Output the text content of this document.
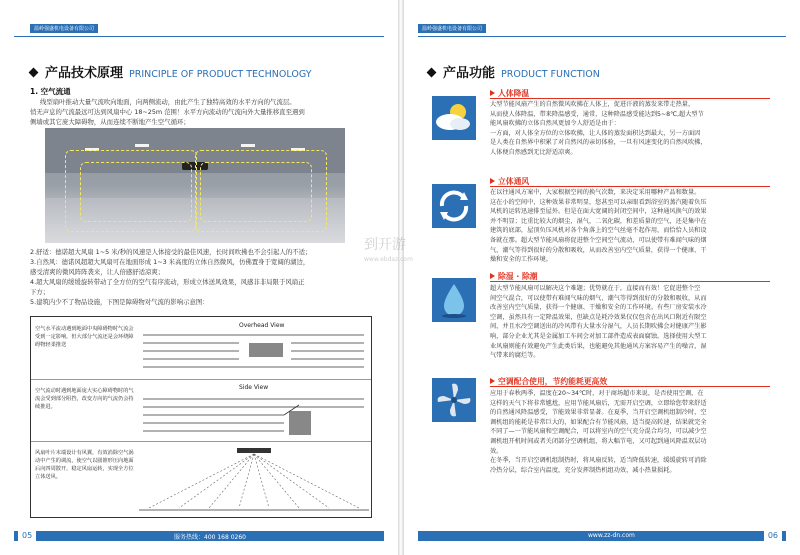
温岭强盛机电设备有限公司
产品技术原理 PRINCIPLE OF PRODUCT TECHNOLOGY
1. 空气流通

线型扇叶推动大量气流吹向地面，向两侧流动，由此产生了独特高效的水平方向的气流层。

悄无声息的气流最远可达到风扇中心 18~25m 范围！水平方向流动的气流向外大量推移直至遇到

侧墙或其它庞大障碍物，从而连续不断地产生空气循环；

2.舒适：德诺超大风扇 1~5 米/秒的风速是人体接受的最佳风速，长时间吹拂也不会引起人的不适；

3.自然风：德诺风超超大风扇可在地面形成 1~3 米高度的立体自然微风，仿佛置身于宽阔的湖边，

感受清爽的微风阵阵袭来，让人倍感舒适凉爽；

4.超大风扇的缓缓旋转带动了全方位的空气有序流动，形成立体送风效果，风感非非局限于风扇正

下方；

5.建筑内少不了物品设施，下图是障碍物对气流的影响示意图：

空气水平流动遇到地面中央障碍物时气流会受到一定影响，但大部分气流还是会环绕障碍物轻柔推送

Overhead View

空气流动时遇到地面庞大实心障碍物时的气流会受到部分阻挡，改变方向的气流仍会持续推进。

Side View

风扇叶片末端设计有风翼，有效消除空气涡动中产生的调流，使空气以圆锥形压向地面后向四周散开，稳定风扇运转，实现全方位立体送风。

服务热线：400 168 0260
05
温岭强盛机电设备有限公司
产品功能 PRODUCT FUNCTION
www.zz-dn.com	06
人体降温
大型节能风扇产生的自然微风吹拂在人体上，促进汗液的蒸发来带走热量，
从而使人体降温，带来降温感受，通常，这种降温感受能达到5~8℃,超大型节
能风扇吹拂的立体自然风更加令人舒适是由于：
一方面，对人体全方位的立体吹拂，让人体的蒸发面积达到最大，另一方面因
是人类在自然界中积累了对自然风的亲切体验，一旦有风速变化的自然风吹拂，
人体便自然感到无比舒适凉爽。
立体通风
在以往通风方案中，大家根据空间的换气次数，来决定采用哪种产品和数量。
这在小的空间中，这种效果非常明显，您甚至可以亲眼看到浴室的蒸汽随着负压
风机的运转迅速排至屋外。但是在面大宽阔的封闭空间中，这种通风换气的效果
并不明显；比重比较大的烟尘，湿气，二氧化碳，和差质量的空气，还是集中在
建筑的底部，屋顶负压风机对各个角落上的空气丝毫不起作用，而恰恰人员和设
备就在那。超大型节能风扇将促进整个空间空气流动，可以使带有难闻气味的烟
气，潮气等得到很好的分散和吸收，从而改善室内空气质量，获得一个健康、干
燥和安全的工作环境。
除湿 · 除潮
超大型节能风扇可以解决这个难题；优势就在于，直接而有效！它促进整个空
间空气混合，可以使带有难闻气味的烟气、潮气等得到很好的分散和吸收，从而
改善室内空气质量，获得一个健康、干燥和安全的工作环境。有些厂房安装水冷
空调，虽然具有一定降温效果，但缺点是耗冷效果仅仅包含在出风口附近有限空
间，并且水冷空调送出的冷风带有大量水分湿气，人员长期吹拂会对健康产生影
响，部分企业尤其是金属加工车间会对加工部件造成表面腐蚀。选择使用大型工
业风扇则能有效避免产生此类后果，也能避免其他通风方案容易产生的噪音，湿
气带来的腐烂等。
空调配合使用，节约能耗更高效
应用于春秋两季，温度在20~34℃时，对于商场超市来说，是否使用空调，在
这样的天气下将非常尴尬，应用节能风扇后，无需开启空调，立即给您带来舒适
的自然通风降温感受，节能效果非常显著。在夏季，当开启空调机组制冷时，空
调机组的能耗是非常巨大的，如果配合有节能风扇，适当提高转速，结果就完全
不同了—一节能风扇和空调配合，可以将室内的空气充分混合均匀，可以减少空
调机组开机时间或者关闭部分空调机组，将大幅节电，又可起到通风降温双层功
效。
在冬季，当开启空调机组制热时，将风扇反转，适当降低转速，缓缓旋转可消除
冷热分层，综合室内温度，充分发挥制热机组功效，减小热量损耗。
到开游
www.ebdaz.com
